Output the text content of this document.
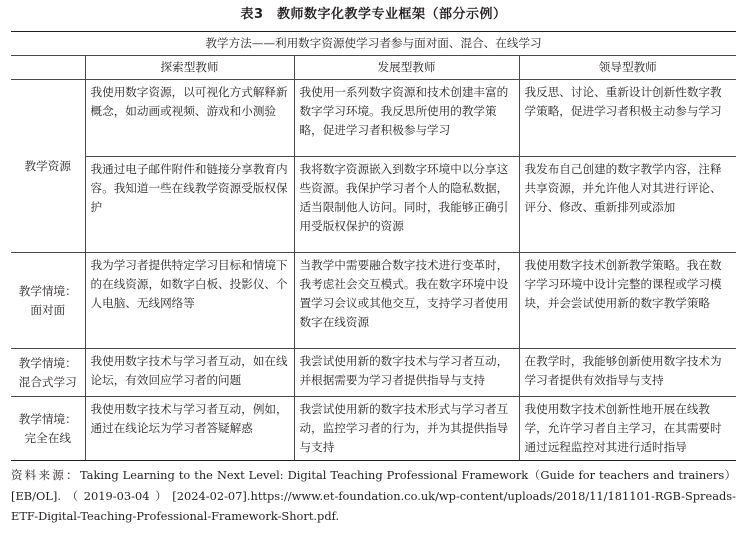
表3　教师数字化教学专业框架（部分示例）
教学方法——利用数字资源使学习者参与面对面、混合、在线学习			
	探索型教师	发展型教师	领导型教师

教学资源	我使用数字资源，以可视化方式解释新概念，如动画或视频、游戏和小测验	我使用一系列数字资源和技术创建丰富的数字学习环境。我反思所使用的教学策略，促进学习者积极参与学习	我反思、讨论、重新设计创新性数字教学策略，促进学习者积极主动参与学习
	我通过电子邮件附件和链接分享教育内容。我知道一些在线教学资源受版权保护	我将数字资源嵌入到数字环境中以分享这些资源。我保护学习者个人的隐私数据，适当限制他人访问。同时，我能够正确引用受版权保护的资源	我发布自己创建的数字教学内容，注释共享资源，并允许他人对其进行评论、评分、修改、重新排列或添加

教学情境：
面对面	我为学习者提供特定学习目标和情境下的在线资源，如数字白板、投影仪、个人电脑、无线网络等	当教学中需要融合数字技术进行变革时，我考虑社会交互模式。我在数字环境中设置学习会议或其他交互，支持学习者使用数字在线资源	我使用数字技术创新教学策略。我在数字学习环境中设计完整的课程或学习模块，并会尝试使用新的数字教学策略

教学情境：
混合式学习	我使用数字技术与学习者互动，如在线论坛，有效回应学习者的问题	我尝试使用新的数字技术与学习者互动，并根据需要为学习者提供指导与支持	在教学时，我能够创新使用数字技术为学习者提供有效指导与支持

教学情境：
完全在线	我使用数字技术与学习者互动，例如，通过在线论坛为学习者答疑解惑	我尝试使用新的数字技术形式与学习者互动，监控学习者的行为，并为其提供指导与支持	我使用数字技术创新性地开展在线教学，允许学习者自主学习，在其需要时通过远程监控对其进行适时指导
资料来源：Taking Learning to the Next Level: Digital Teaching Professional Framework（Guide for teachers and trainers）[EB/OL].（2019-03-04）[2024-02-07].https://www.et-foundation.co.uk/wp-content/uploads/2018/11/181101-RGB-Spreads-ETF-Digital-Teaching-Professional-Framework-Short.pdf.
